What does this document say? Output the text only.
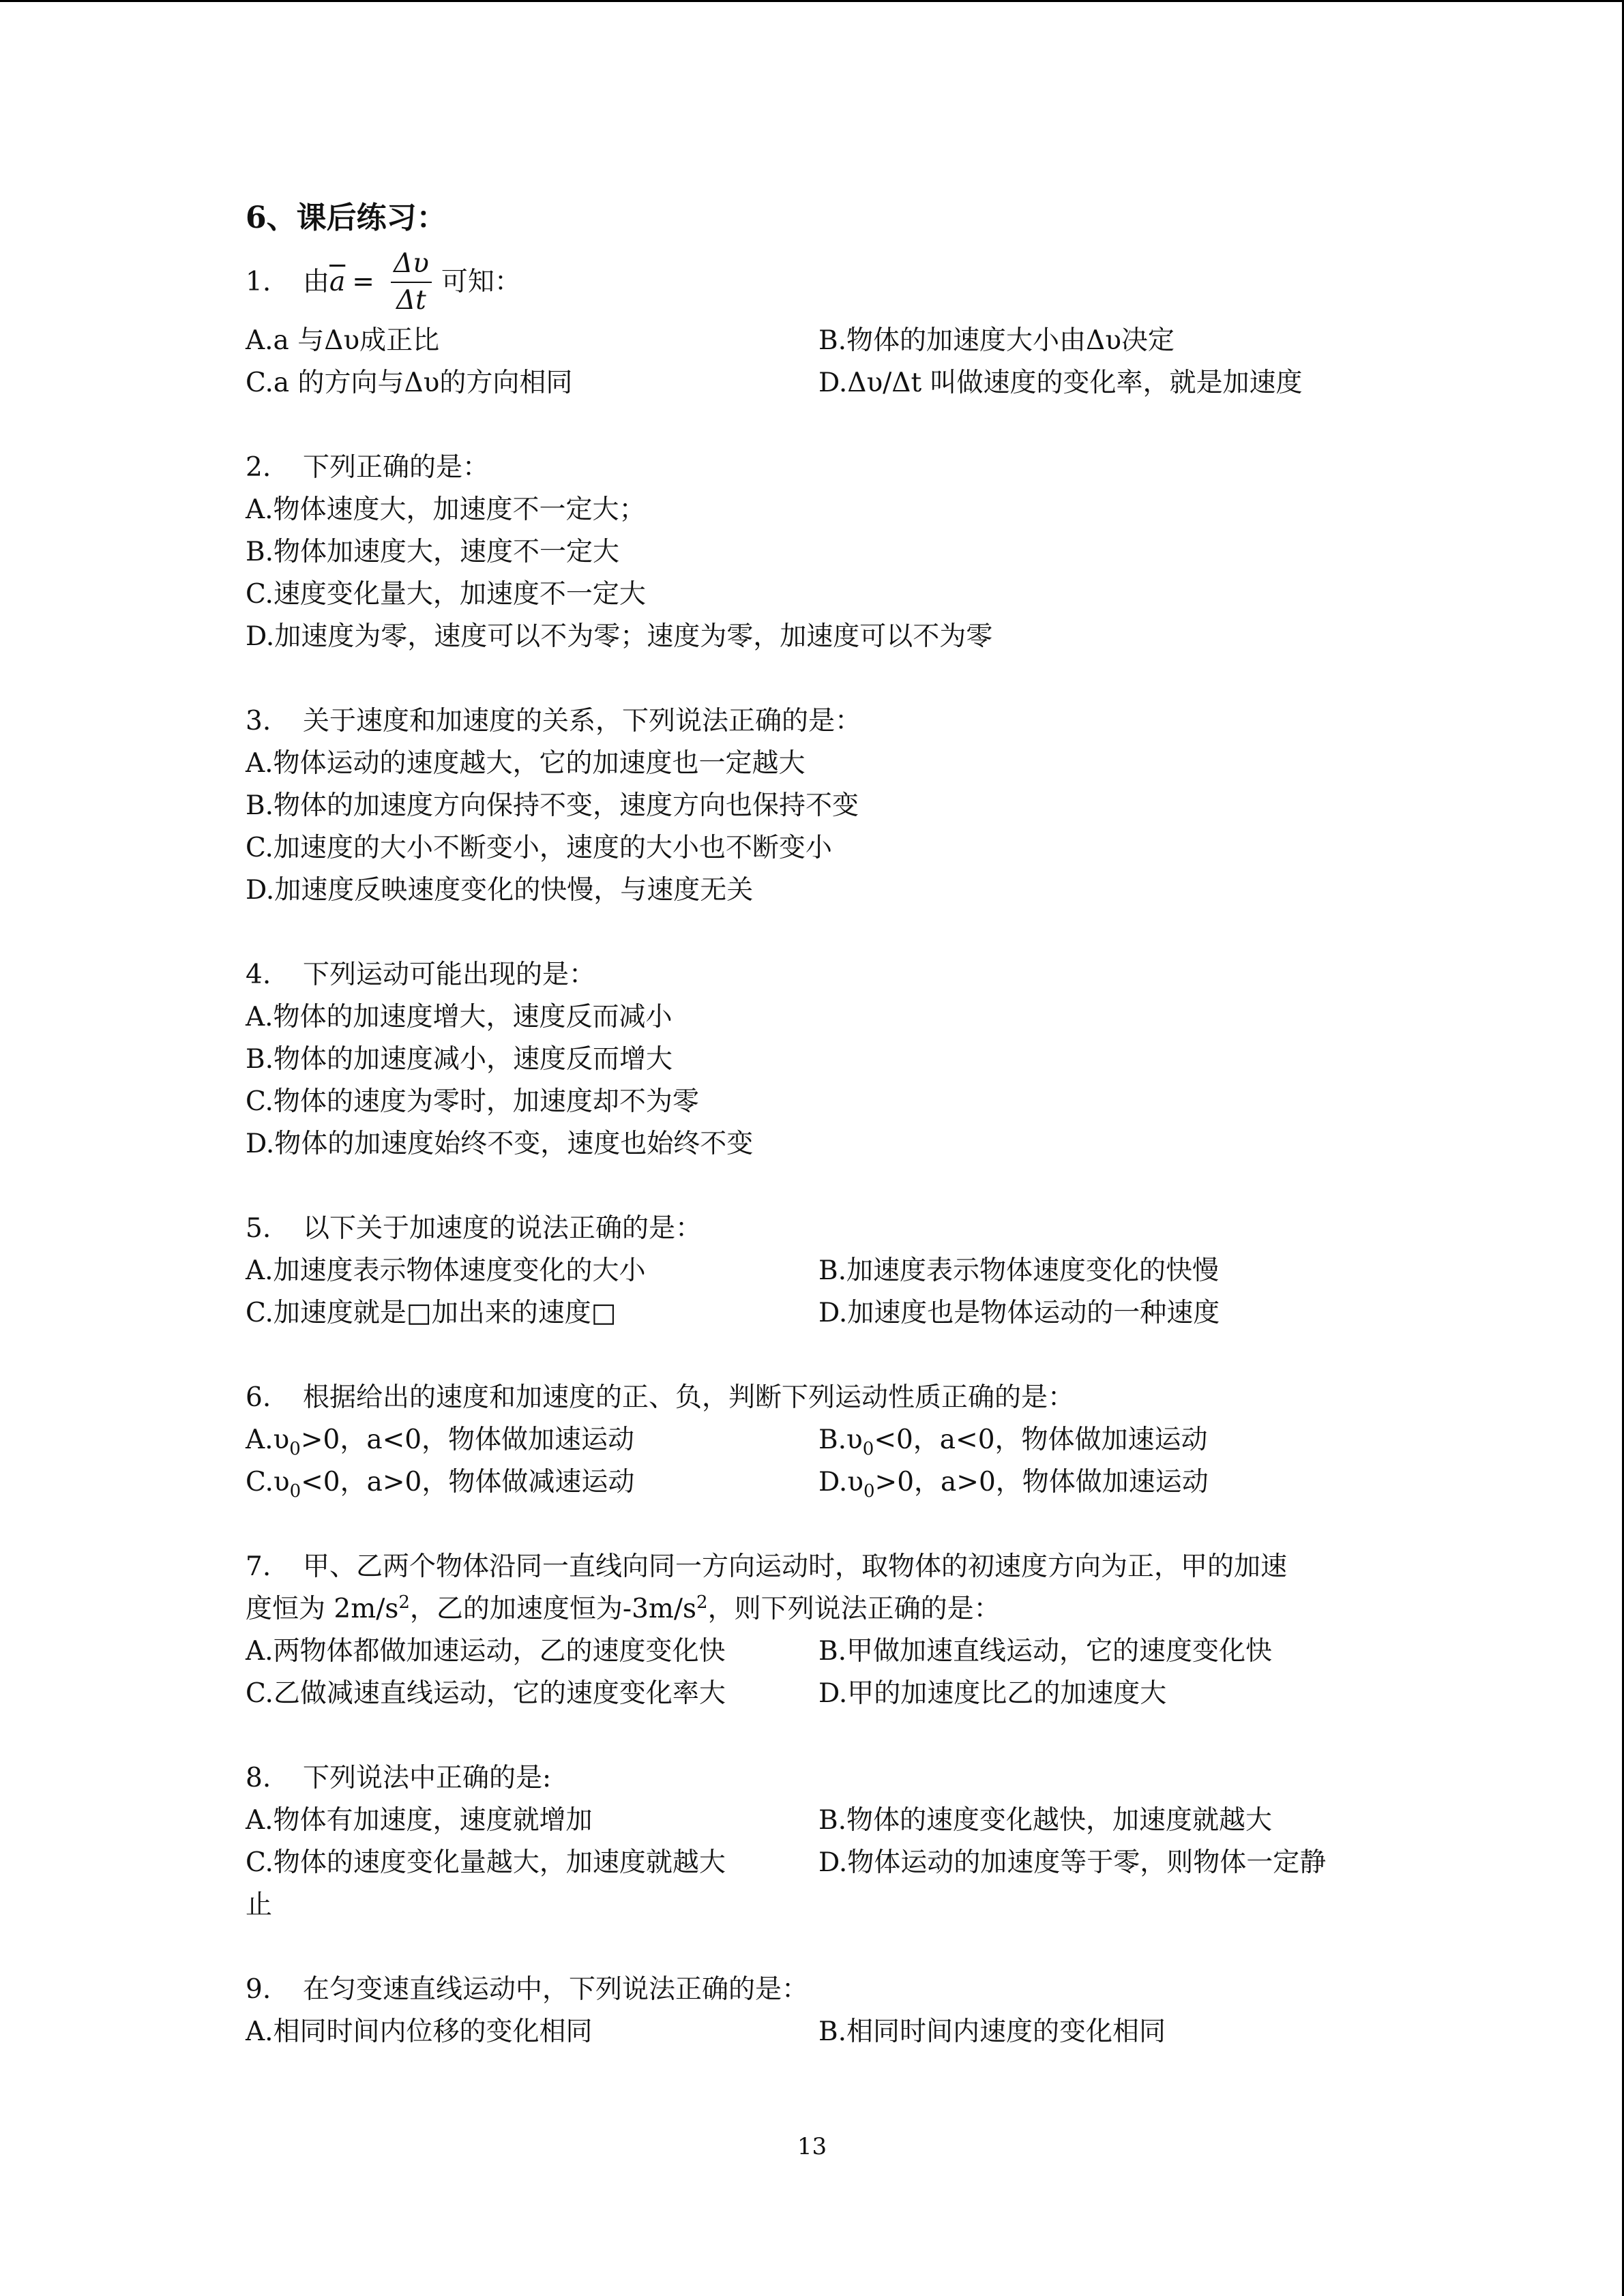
6、课后练习：
1.	由 $\overline{a} = \frac{\Delta\upsilon}{\Delta t}$ 可知：
A.a 与Δυ成正比	B.物体的加速度大小由Δυ决定
C.a 的方向与Δυ的方向相同	D.Δυ/Δt 叫做速度的变化率，就是加速度
2. 下列正确的是：
A.物体速度大，加速度不一定大；
B.物体加速度大，速度不一定大
C.速度变化量大，加速度不一定大
D.加速度为零，速度可以不为零；速度为零，加速度可以不为零
3. 关于速度和加速度的关系，下列说法正确的是：
A.物体运动的速度越大，它的加速度也一定越大
B.物体的加速度方向保持不变，速度方向也保持不变
C.加速度的大小不断变小，速度的大小也不断变小
D.加速度反映速度变化的快慢，与速度无关
4. 下列运动可能出现的是：
A.物体的加速度增大，速度反而减小
B.物体的加速度减小，速度反而增大
C.物体的速度为零时，加速度却不为零
D.物体的加速度始终不变，速度也始终不变
5. 以下关于加速度的说法正确的是：
A.加速度表示物体速度变化的大小	B.加速度表示物体速度变化的快慢
C.加速度就是□加出来的速度□	D.加速度也是物体运动的一种速度
6. 根据给出的速度和加速度的正、负，判断下列运动性质正确的是：
$A.\upsilon_0>0$，a<0，物体做加速运动	$B.\upsilon_0<0$，a<0，物体做加速运动
$C.\upsilon_0<0$，a>0，物体做减速运动	$D.\upsilon_0>0$，a>0，物体做加速运动
7. 甲、乙两个物体沿同一直线向同一方向运动时，取物体的初速度方向为正，甲的加速
度恒为 $2m/s^2$，乙的加速度恒为$-3m/s^2$，则下列说法正确的是：
A.两物体都做加速运动，乙的速度变化快	B.甲做加速直线运动，它的速度变化快
C.乙做减速直线运动，它的速度变化率大	D.甲的加速度比乙的加速度大
8. 下列说法中正确的是:
A.物体有加速度，速度就增加	B.物体的速度变化越快，加速度就越大
C.物体的速度变化量越大，加速度就越大	D.物体运动的加速度等于零，则物体一定静
止
9. 在匀变速直线运动中，下列说法正确的是：
A.相同时间内位移的变化相同	B.相同时间内速度的变化相同
13
